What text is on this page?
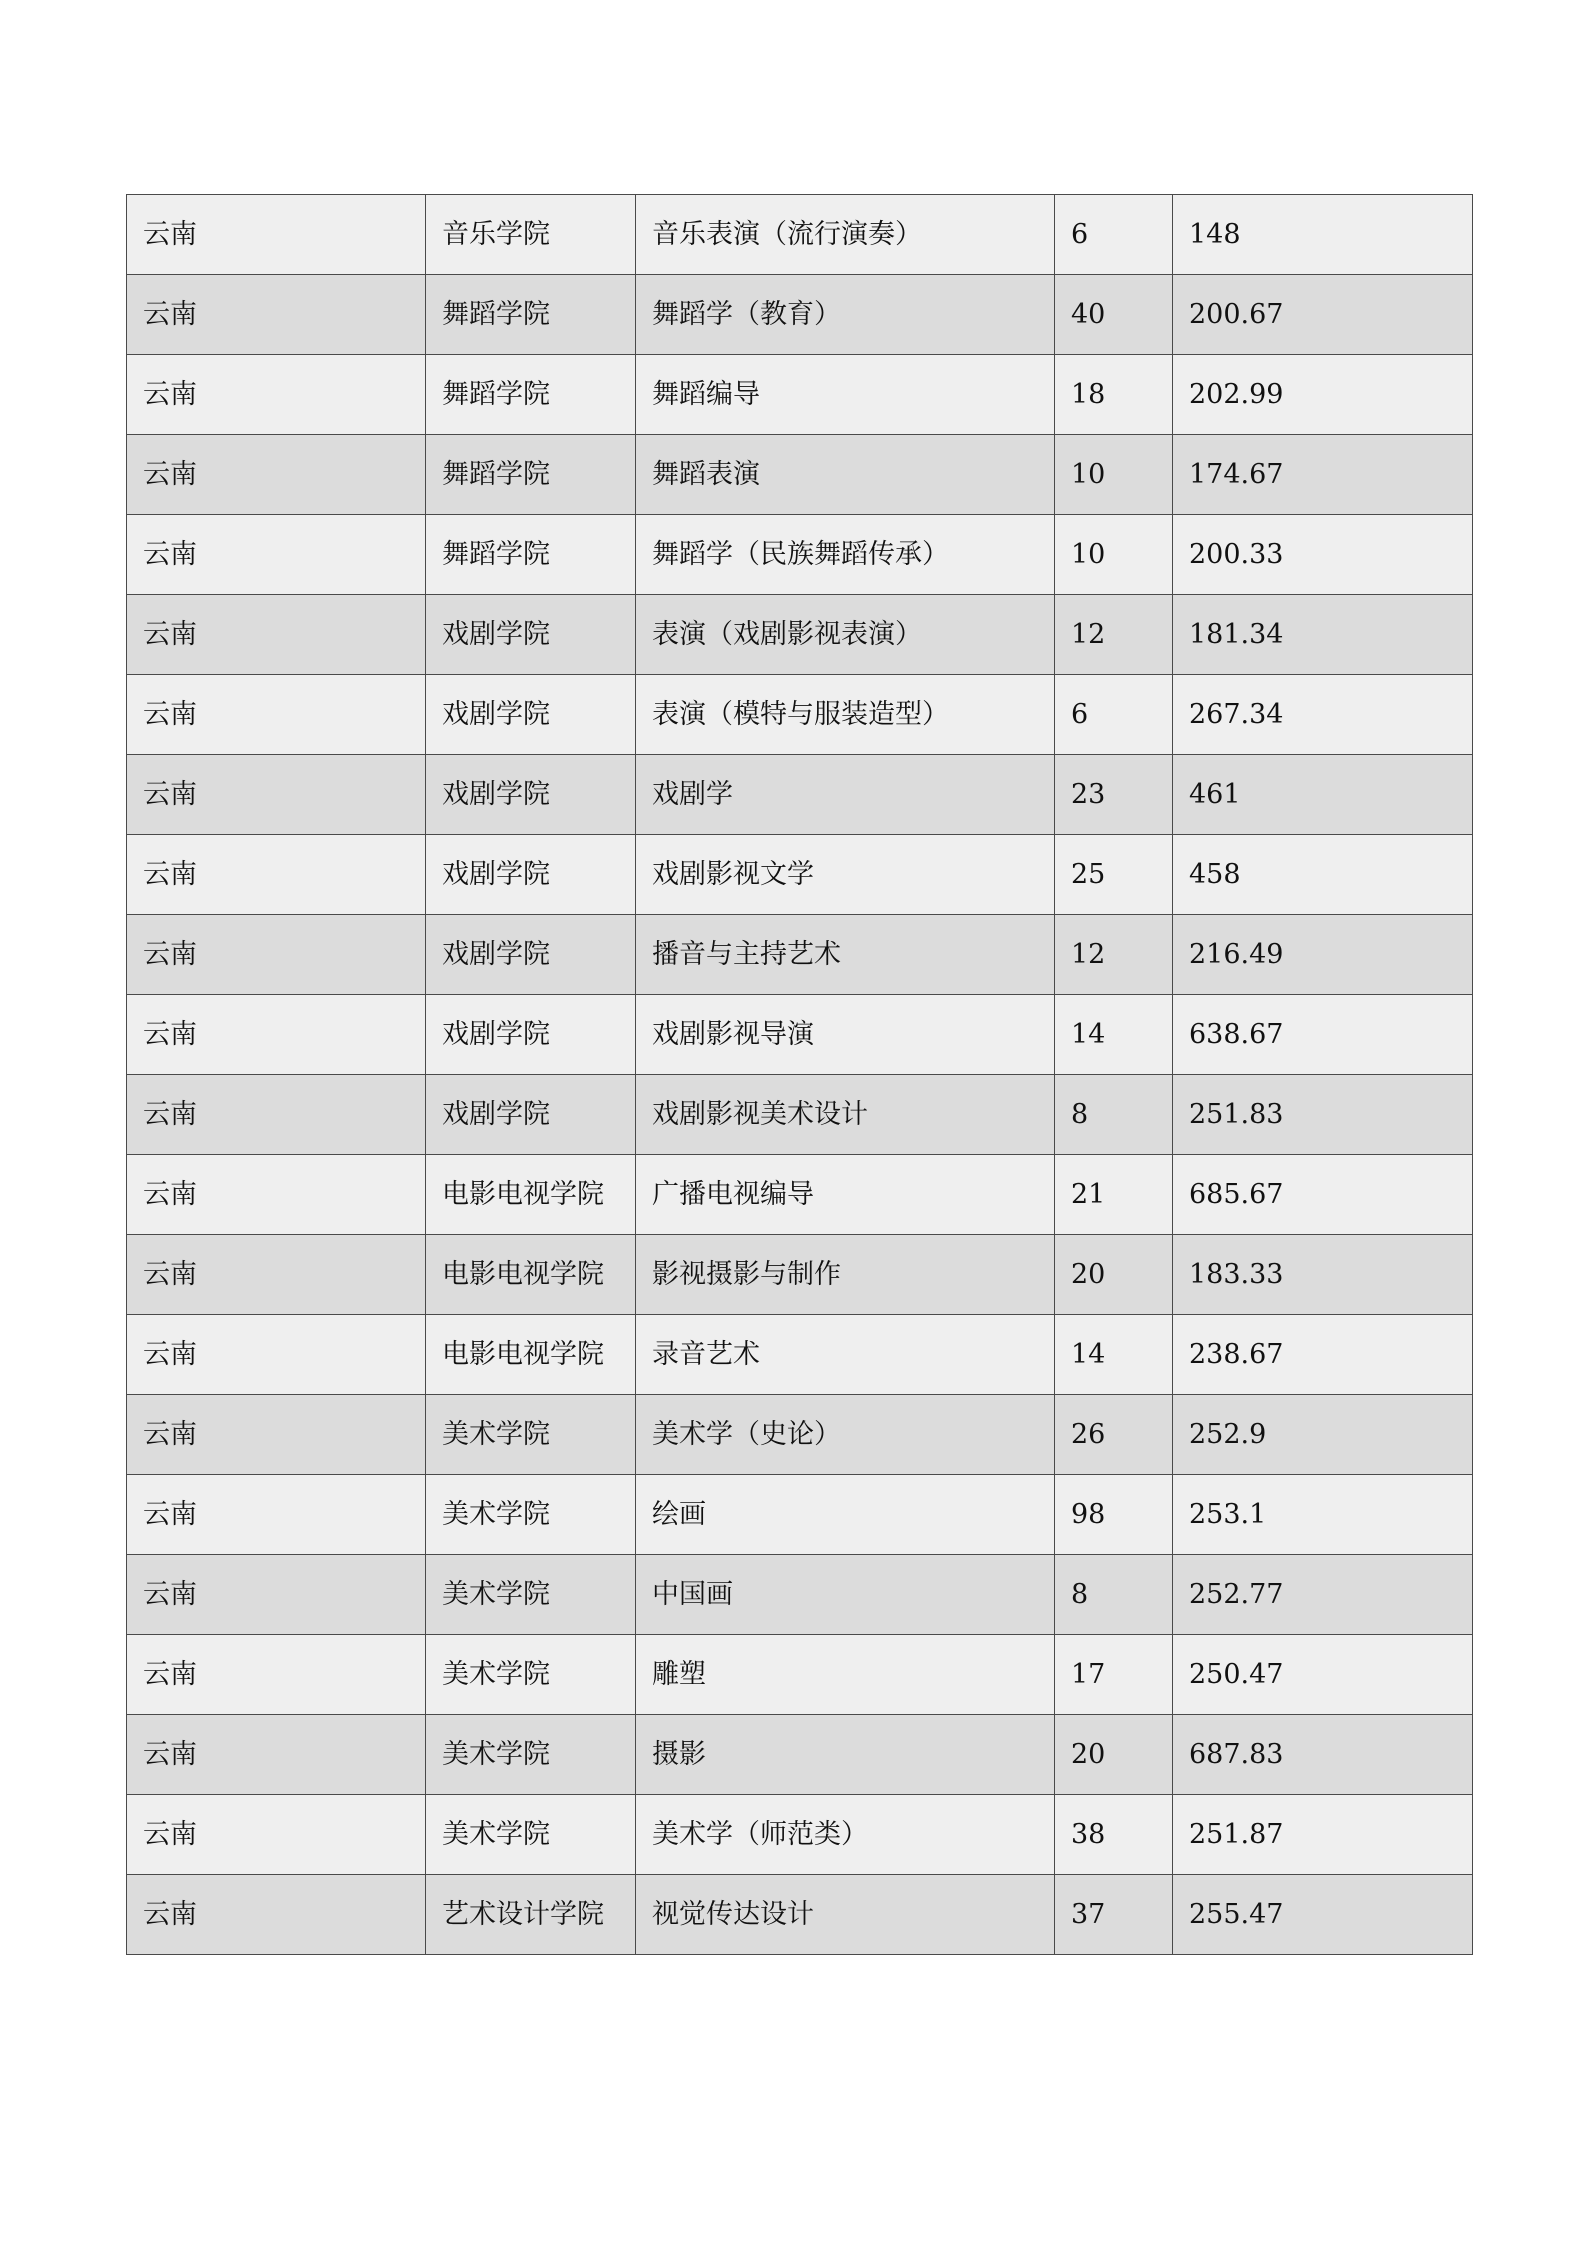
云南	音乐学院	音乐表演（流行演奏）	6	148
云南	舞蹈学院	舞蹈学（教育）	40	200.67
云南	舞蹈学院	舞蹈编导	18	202.99
云南	舞蹈学院	舞蹈表演	10	174.67
云南	舞蹈学院	舞蹈学（民族舞蹈传承）	10	200.33
云南	戏剧学院	表演（戏剧影视表演）	12	181.34
云南	戏剧学院	表演（模特与服装造型）	6	267.34
云南	戏剧学院	戏剧学	23	461
云南	戏剧学院	戏剧影视文学	25	458
云南	戏剧学院	播音与主持艺术	12	216.49
云南	戏剧学院	戏剧影视导演	14	638.67
云南	戏剧学院	戏剧影视美术设计	8	251.83
云南	电影电视学院	广播电视编导	21	685.67
云南	电影电视学院	影视摄影与制作	20	183.33
云南	电影电视学院	录音艺术	14	238.67
云南	美术学院	美术学（史论）	26	252.9
云南	美术学院	绘画	98	253.1
云南	美术学院	中国画	8	252.77
云南	美术学院	雕塑	17	250.47
云南	美术学院	摄影	20	687.83
云南	美术学院	美术学（师范类）	38	251.87
云南	艺术设计学院	视觉传达设计	37	255.47
